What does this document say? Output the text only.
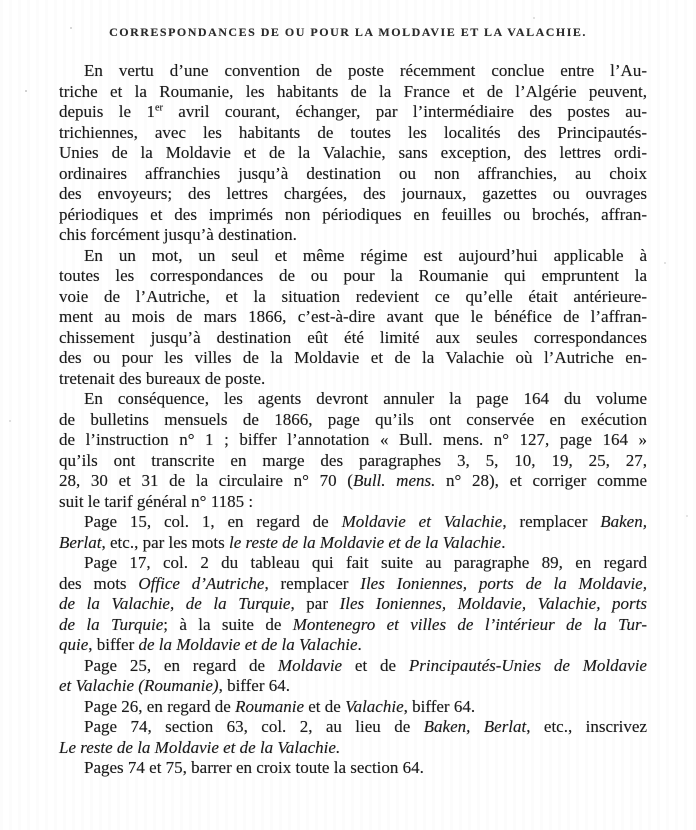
CORRESPONDANCES DE OU POUR LA MOLDAVIE ET LA VALACHIE.
En vertu d’une convention de poste récemment conclue entre l’Au-
triche et la Roumanie, les habitants de la France et de l’Algérie peuvent,
depuis le 1er avril courant, échanger, par l’intermédiaire des postes au-
trichiennes, avec les habitants de toutes les localités des Principautés-
Unies de la Moldavie et de la Valachie, sans exception, des lettres ordi-
ordinaires affranchies jusqu’à destination ou non affranchies, au choix
des envoyeurs; des lettres chargées, des journaux, gazettes ou ouvrages
périodiques et des imprimés non périodiques en feuilles ou brochés, affran-
chis forcément jusqu’à destination.
En un mot, un seul et même régime est aujourd’hui applicable à
toutes les correspondances de ou pour la Roumanie qui empruntent la
voie de l’Autriche, et la situation redevient ce qu’elle était antérieure-
ment au mois de mars 1866, c’est-à-dire avant que le bénéfice de l’affran-
chissement jusqu’à destination eût été limité aux seules correspondances
des ou pour les villes de la Moldavie et de la Valachie où l’Autriche en-
tretenait des bureaux de poste.
En conséquence, les agents devront annuler la page 164 du volume
de bulletins mensuels de 1866, page qu’ils ont conservée en exécution
de l’instruction n° 1 ; biffer l’annotation « Bull. mens. n° 127, page 164 »
qu’ils ont transcrite en marge des paragraphes 3, 5, 10, 19, 25, 27,
28, 30 et 31 de la circulaire n° 70 (Bull. mens. n° 28), et corriger comme
suit le tarif général n° 1185 :
Page 15, col. 1, en regard de Moldavie et Valachie, remplacer Baken,
Berlat, etc., par les mots le reste de la Moldavie et de la Valachie.
Page 17, col. 2 du tableau qui fait suite au paragraphe 89, en regard
des mots Office d’Autriche, remplacer Iles Ioniennes, ports de la Moldavie,
de la Valachie, de la Turquie, par Iles Ioniennes, Moldavie, Valachie, ports
de la Turquie; à la suite de Montenegro et villes de l’intérieur de la Tur-
quie, biffer de la Moldavie et de la Valachie.
Page 25, en regard de Moldavie et de Principautés-Unies de Moldavie
et Valachie (Roumanie), biffer 64.
Page 26, en regard de Roumanie et de Valachie, biffer 64.
Page 74, section 63, col. 2, au lieu de Baken, Berlat, etc., inscrivez
Le reste de la Moldavie et de la Valachie.
Pages 74 et 75, barrer en croix toute la section 64.
